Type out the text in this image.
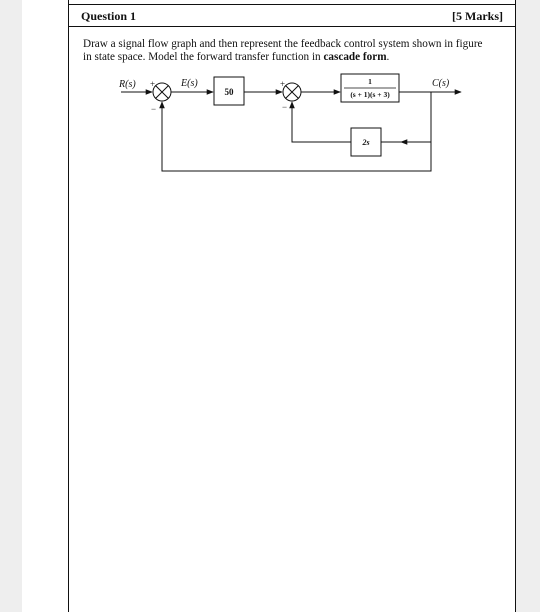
Question 1	[5 Marks]
Draw a signal flow graph and then represent the feedback control system shown in figure
in state space. Model the forward transfer function in cascade form.
R(s) +
−
E(s)
50
+
−
1
(s + 1)(s + 3)
C(s)
2s
